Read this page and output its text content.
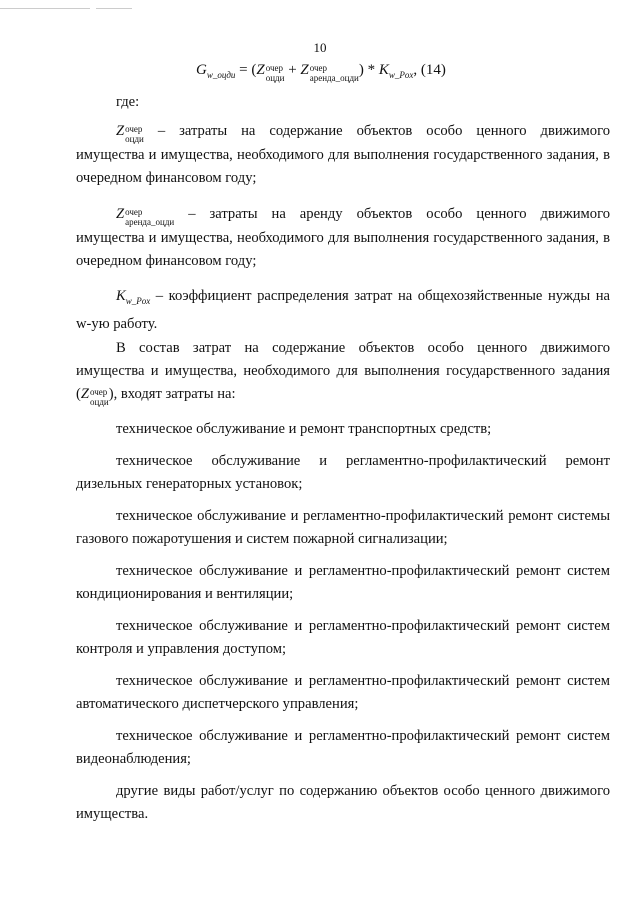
10
$G_{w\_оцди} = (Z$ очер
оцди + Z очер
аренда_оцди ) * $K_{w\_Pox}$, (14)
где:
Z очер
оцди – затраты на содержание объектов особо ценного движимого

имущества и имущества, необходимого для выполнения государственного задания, в очередном финансовом году;

Z очер
аренда_оцди – затраты на аренду объектов особо ценного движимого

имущества и имущества, необходимого для выполнения государственного задания, в очередном финансовом году;

$K_{w\_Pox}$ – коэффициент распределения затрат на общехозяйственные нужды на w-ую работу.

В состав затрат на содержание объектов особо ценного движимого
имущества и имущества, необходимого для выполнения государственного задания
(Z очер
оцди ), входят затраты на:

техническое обслуживание и ремонт транспортных средств;

техническое обслуживание и регламентно-профилактический ремонт дизельных генераторных установок;

техническое обслуживание и регламентно-профилактический ремонт системы газового пожаротушения и систем пожарной сигнализации;

техническое обслуживание и регламентно-профилактический ремонт систем кондиционирования и вентиляции;

техническое обслуживание и регламентно-профилактический ремонт систем контроля и управления доступом;

техническое обслуживание и регламентно-профилактический ремонт систем автоматического диспетчерского управления;

техническое обслуживание и регламентно-профилактический ремонт систем видеонаблюдения;

другие виды работ/услуг по содержанию объектов особо ценного движимого имущества.
